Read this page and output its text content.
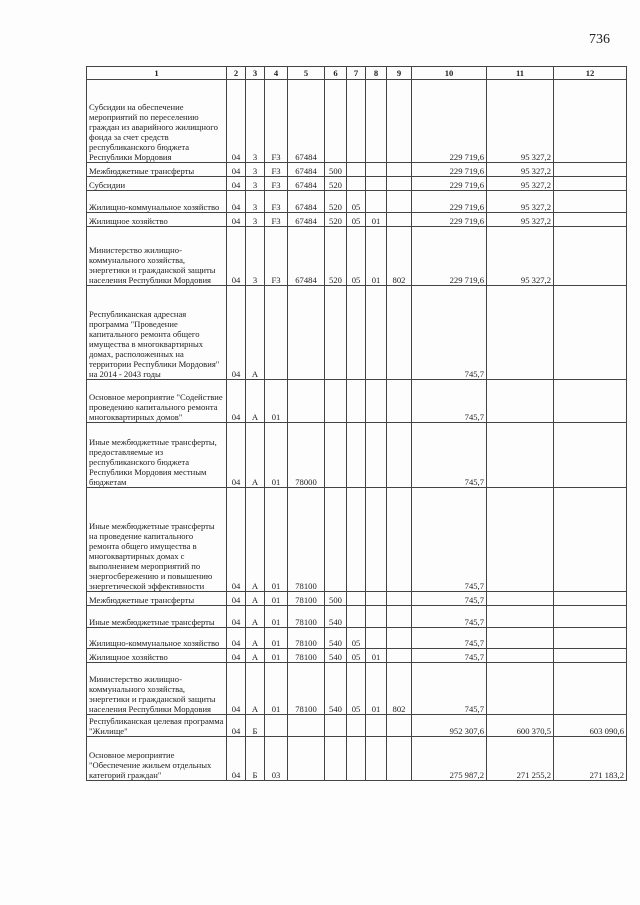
736
1	2	3	4	5	6	7	8	9	10	11	12
Субсидии на обеспечение мероприятий по переселению граждан из аварийного жилищного фонда за счет средств республиканского бюджета Республики Мордовия	04	3	F3	67484					229 719,6	95 327,2	
Межбюджетные трансферты	04	3	F3	67484	500				229 719,6	95 327,2	
Субсидии	04	3	F3	67484	520				229 719,6	95 327,2	
Жилищно-коммунальное хозяйство	04	3	F3	67484	520	05			229 719,6	95 327,2	
Жилищное хозяйство	04	3	F3	67484	520	05	01		229 719,6	95 327,2	
Министерство жилищно-коммунального хозяйства, энергетики и гражданской защиты населения Республики Мордовия	04	3	F3	67484	520	05	01	802	229 719,6	95 327,2	
Республиканская адресная программа "Проведение капитального ремонта общего имущества в многоквартирных домах, расположенных на территории Республики Мордовия" на 2014 - 2043 годы	04	А							745,7		
Основное мероприятие "Содействие проведению капитального ремонта многоквартирных домов"	04	А	01						745,7		
Иные межбюджетные трансферты, предоставляемые из республиканского бюджета Республики Мордовия местным бюджетам	04	А	01	78000					745,7		
Иные межбюджетные трансферты на проведение капитального ремонта общего имущества в многоквартирных домах с выполнением мероприятий по энергосбережению и повышению энергетической эффективности	04	А	01	78100					745,7		
Межбюджетные трансферты	04	А	01	78100	500				745,7		
Иные межбюджетные трансферты	04	А	01	78100	540				745,7		
Жилищно-коммунальное хозяйство	04	А	01	78100	540	05			745,7		
Жилищное хозяйство	04	А	01	78100	540	05	01		745,7		
Министерство жилищно-коммунального хозяйства, энергетики и гражданской защиты населения Республики Мордовия	04	А	01	78100	540	05	01	802	745,7		
Республиканская целевая программа "Жилище"	04	Б							952 307,6	600 370,5	603 090,6
Основное мероприятие "Обеспечение жильем отдельных категорий граждан"	04	Б	03						275 987,2	271 255,2	271 183,2
